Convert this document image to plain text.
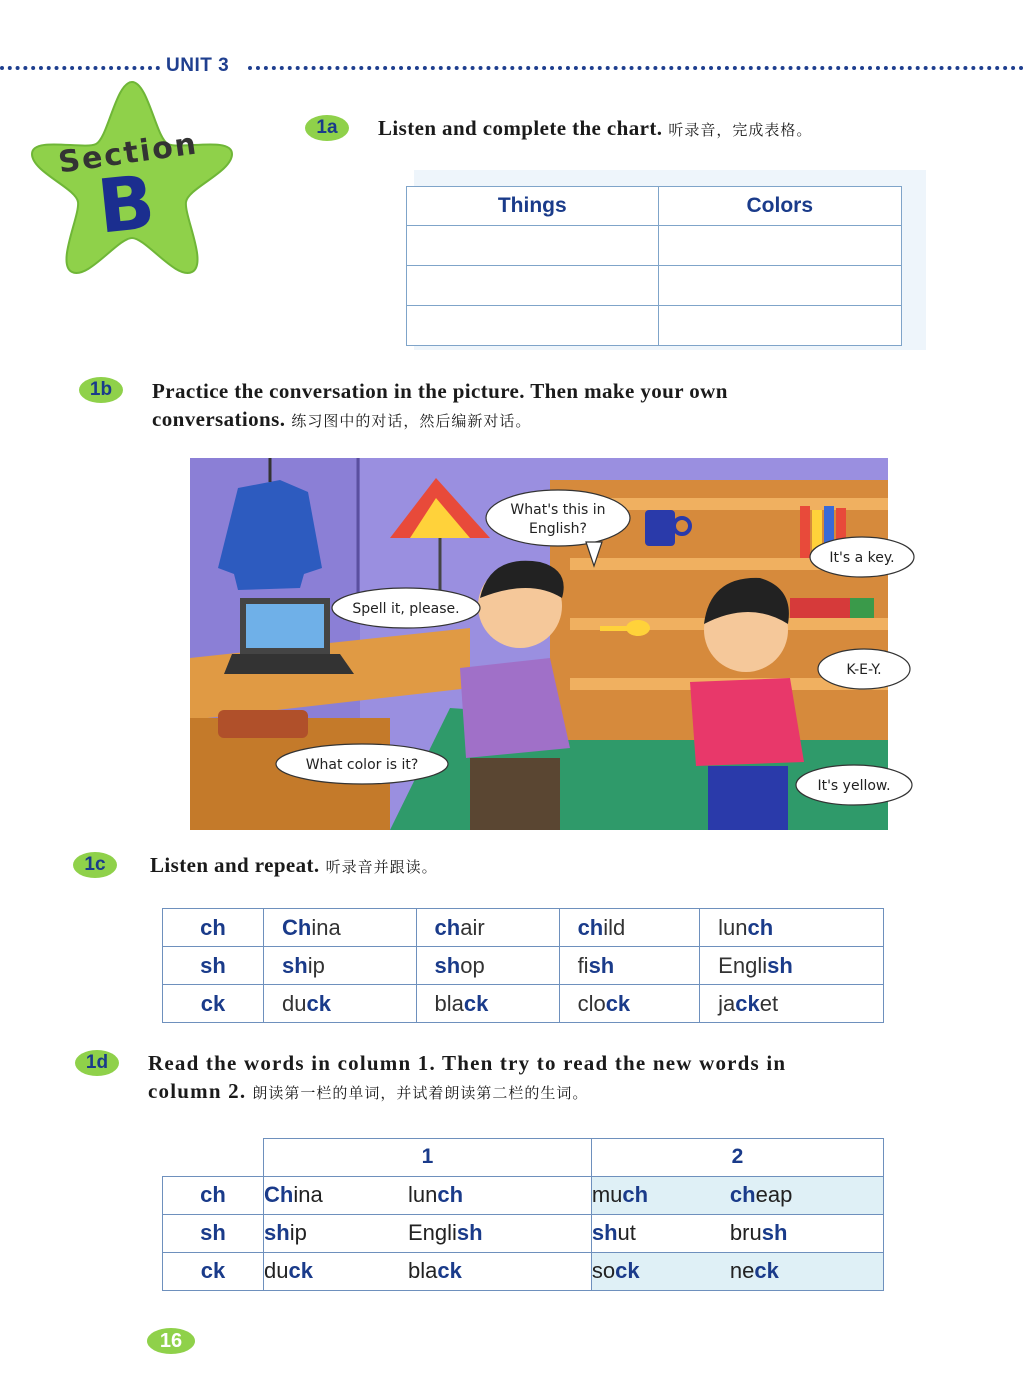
UNIT 3
Section
B
1a	Listen and complete the chart. 听录音，完成表格。
Things	Colors

1b	Practice the conversation in the picture. Then make your own
conversations. 练习图中的对话，然后编新对话。
What's this in
English?
It's a key.
Spell it, please.
K-E-Y.
What color is it?
It's yellow.
1c	Listen and repeat. 听录音并跟读。
ch	China	chair	child	lunch
sh	ship	shop	fish	English
ck	duck	black	clock	jacket
1d	Read the words in column 1. Then try to read the new words in
column 2. 朗读第一栏的单词，并试着朗读第二栏的生词。
	1		2	
ch	China	lunch	much	cheap
sh	ship	English	shut	brush
ck	duck	black	sock	neck
16
